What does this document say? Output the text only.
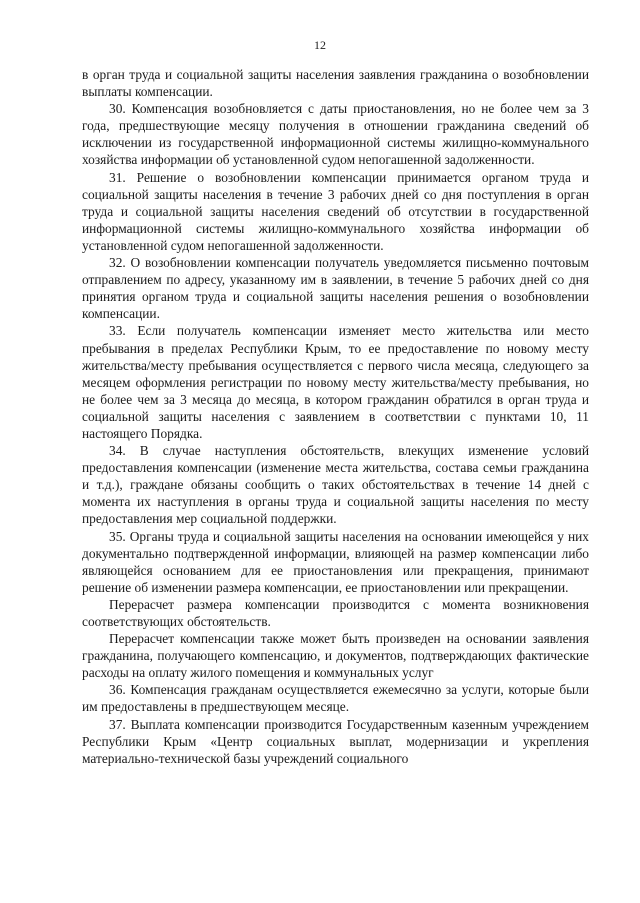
12

в орган труда и социальной защиты населения заявления гражданина о возобновлении выплаты компенсации.

30. Компенсация возобновляется с даты приостановления, но не более чем за 3 года, предшествующие месяцу получения в отношении гражданина сведений об исключении из государственной информационной системы жилищно-коммунального хозяйства информации об установленной судом непогашенной задолженности.

31. Решение о возобновлении компенсации принимается органом труда и социальной защиты населения в течение 3 рабочих дней со дня поступления в орган труда и социальной защиты населения сведений об отсутствии в государственной информационной системы жилищно-коммунального хозяйства информации об установленной судом непогашенной задолженности.

32. О возобновлении компенсации получатель уведомляется письменно почтовым отправлением по адресу, указанному им в заявлении, в течение 5 рабочих дней со дня принятия органом труда и социальной защиты населения решения о возобновлении компенсации.

33. Если получатель компенсации изменяет место жительства или место пребывания в пределах Республики Крым, то ее предоставление по новому месту жительства/месту пребывания осуществляется с первого числа месяца, следующего за месяцем оформления регистрации по новому месту жительства/месту пребывания, но не более чем за 3 месяца до месяца, в котором гражданин обратился в орган труда и социальной защиты населения с заявлением в соответствии с пунктами 10, 11 настоящего Порядка.

34. В случае наступления обстоятельств, влекущих изменение условий предоставления компенсации (изменение места жительства, состава семьи гражданина и т.д.), граждане обязаны сообщить о таких обстоятельствах в течение 14 дней с момента их наступления в органы труда и социальной защиты населения по месту предоставления мер социальной поддержки.

35. Органы труда и социальной защиты населения на основании имеющейся у них документально подтвержденной информации, влияющей на размер компенсации либо являющейся основанием для ее приостановления или прекращения, принимают решение об изменении размера компенсации, ее приостановлении или прекращении.

Перерасчет размера компенсации производится с момента возникновения соответствующих обстоятельств.

Перерасчет компенсации также может быть произведен на основании заявления гражданина, получающего компенсацию, и документов, подтверждающих фактические расходы на оплату жилого помещения и коммунальных услуг

36. Компенсация гражданам осуществляется ежемесячно за услуги, которые были им предоставлены в предшествующем месяце.

37. Выплата компенсации производится Государственным казенным учреждением Республики Крым «Центр социальных выплат, модернизации и укрепления материально-технической базы учреждений социального
